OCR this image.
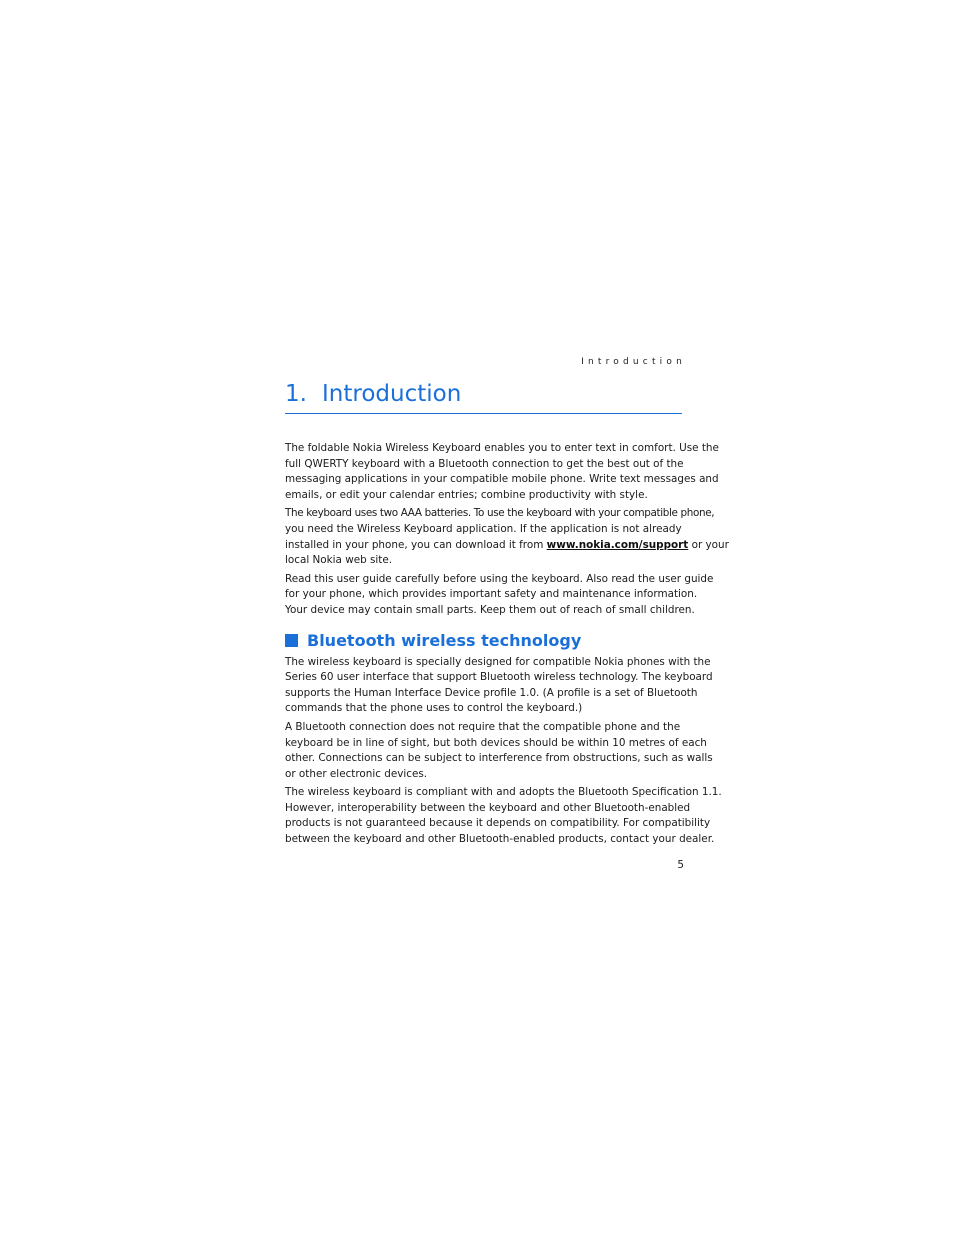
Introduction
1. Introduction

The foldable Nokia Wireless Keyboard enables you to enter text in comfort. Use the
full QWERTY keyboard with a Bluetooth connection to get the best out of the
messaging applications in your compatible mobile phone. Write text messages and
emails, or edit your calendar entries; combine productivity with style.

The keyboard uses two AAA batteries. To use the keyboard with your compatible phone,
you need the Wireless Keyboard application. If the application is not already
installed in your phone, you can download it from www.nokia.com/support or your
local Nokia web site.

Read this user guide carefully before using the keyboard. Also read the user guide
for your phone, which provides important safety and maintenance information.
Your device may contain small parts. Keep them out of reach of small children.

Bluetooth wireless technology

The wireless keyboard is specially designed for compatible Nokia phones with the
Series 60 user interface that support Bluetooth wireless technology. The keyboard
supports the Human Interface Device profile 1.0. (A profile is a set of Bluetooth
commands that the phone uses to control the keyboard.)

A Bluetooth connection does not require that the compatible phone and the
keyboard be in line of sight, but both devices should be within 10 metres of each
other. Connections can be subject to interference from obstructions, such as walls
or other electronic devices.

The wireless keyboard is compliant with and adopts the Bluetooth Specification 1.1.
However, interoperability between the keyboard and other Bluetooth-enabled
products is not guaranteed because it depends on compatibility. For compatibility
between the keyboard and other Bluetooth-enabled products, contact your dealer.

5
